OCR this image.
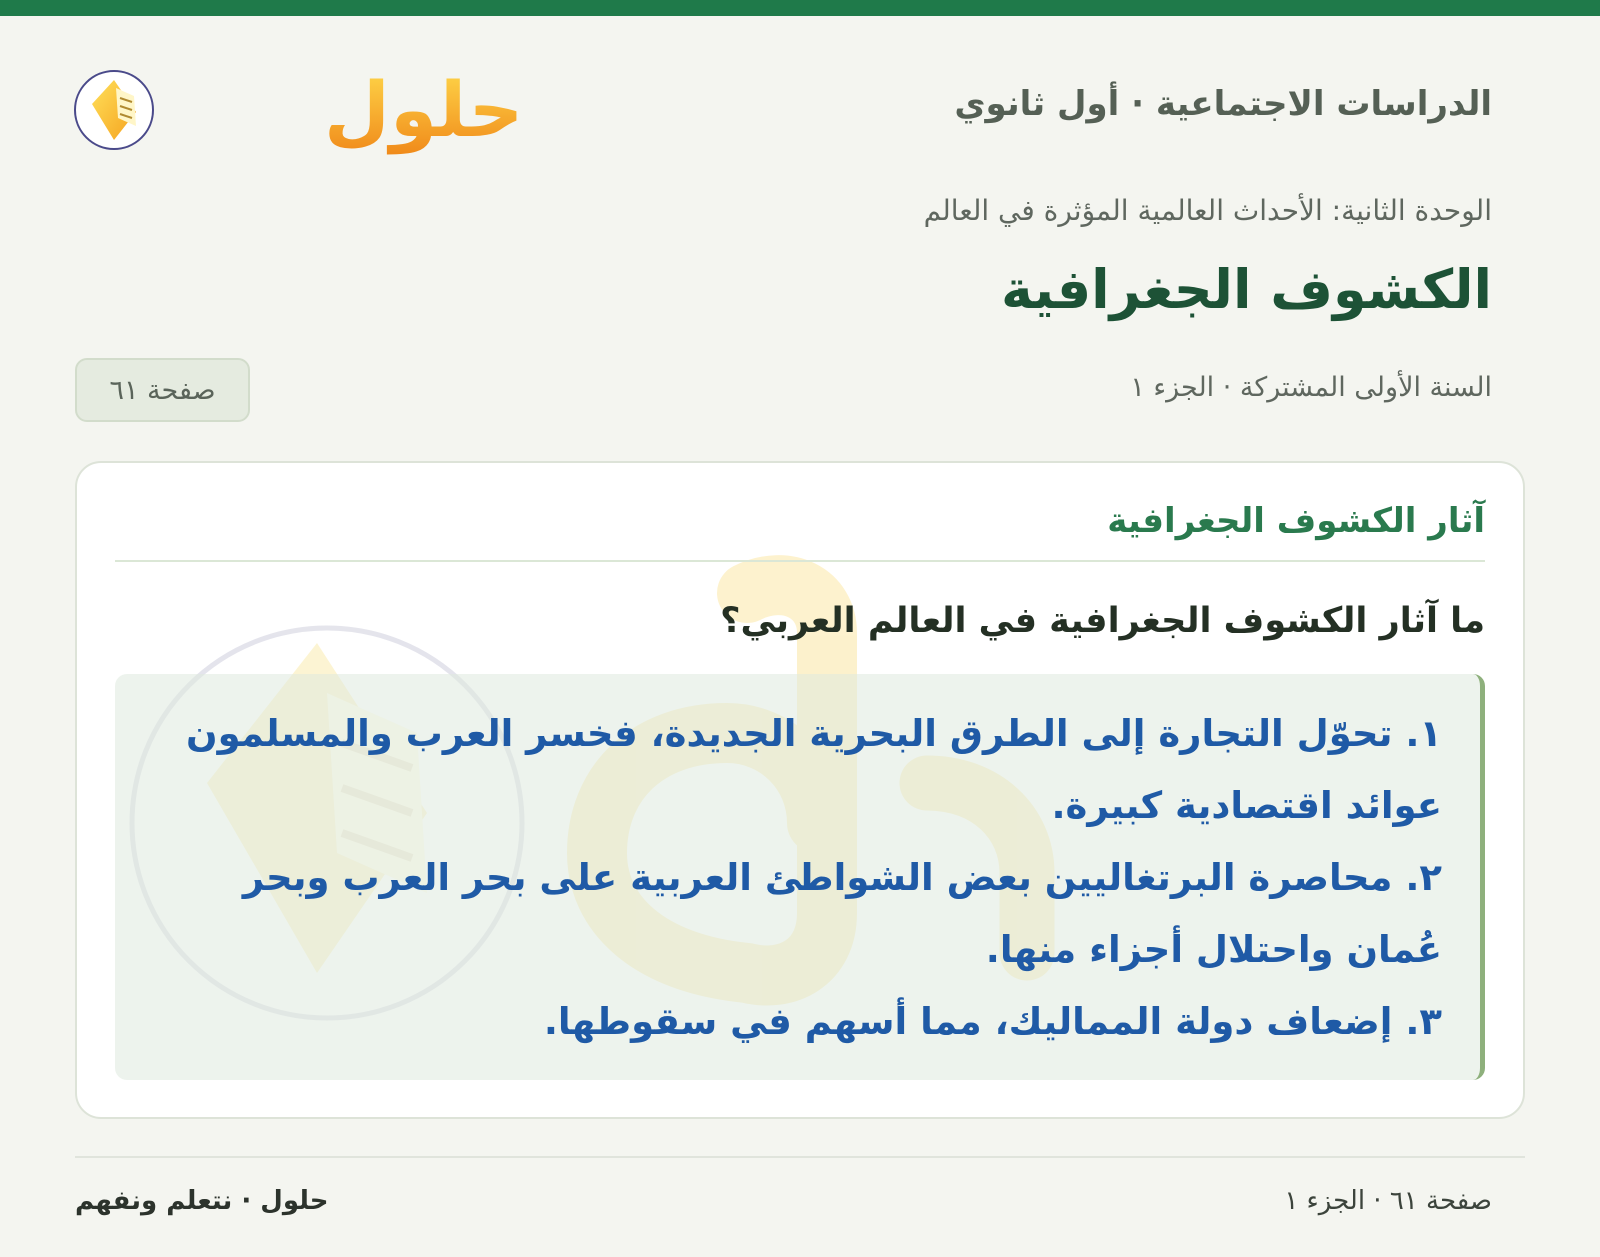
الدراسات الاجتماعية · أول ثانوي
حلول
الوحدة الثانية: الأحداث العالمية المؤثرة في العالم
الكشوف الجغرافية
السنة الأولى المشتركة · الجزء ١
صفحة ٦١
آثار الكشوف الجغرافية
ما آثار الكشوف الجغرافية في العالم العربي؟
١. تحوّل التجارة إلى الطرق البحرية الجديدة، فخسر العرب والمسلمون عوائد اقتصادية كبيرة.
٢. محاصرة البرتغاليين بعض الشواطئ العربية على بحر العرب وبحر عُمان واحتلال أجزاء منها.
٣. إضعاف دولة المماليك، مما أسهم في سقوطها.
حلول · نتعلم ونفهم	صفحة ٦١ · الجزء ١
